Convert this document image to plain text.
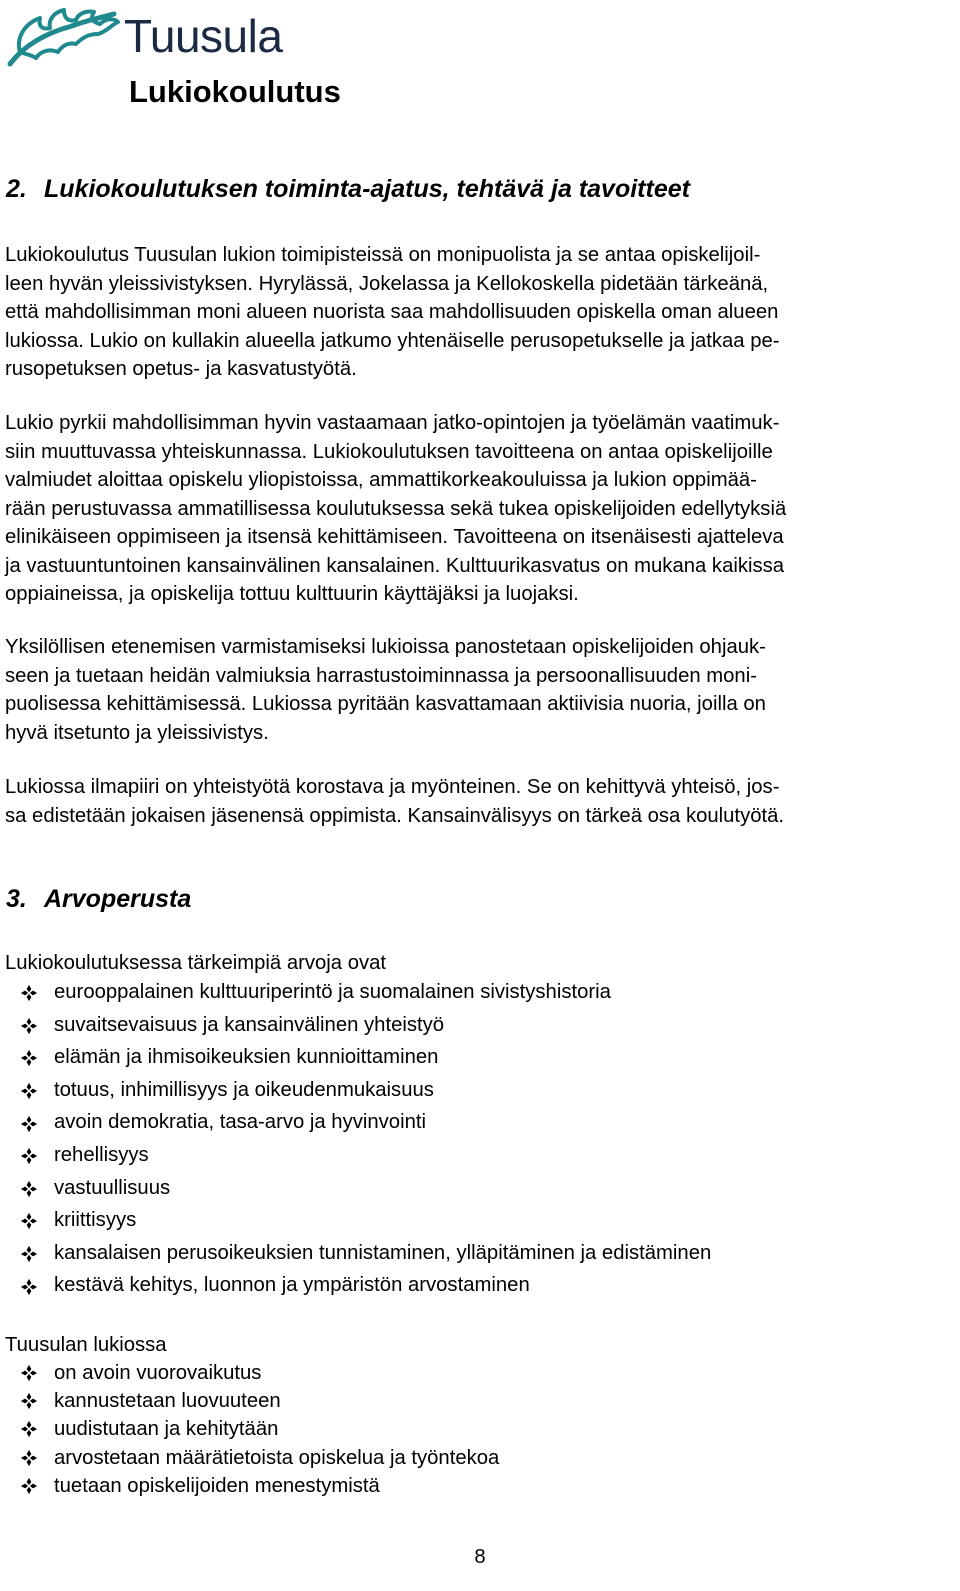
Tuusula
Lukiokoulutus
2. Lukiokoulutuksen toiminta-ajatus, tehtävä ja tavoitteet

Lukiokoulutus Tuusulan lukion toimipisteissä on monipuolista ja se antaa opiskelijoil-

leen hyvän yleissivistyksen. Hyrylässä, Jokelassa ja Kellokoskella pidetään tärkeänä,

että mahdollisimman moni alueen nuorista saa mahdollisuuden opiskella oman alueen

lukiossa. Lukio on kullakin alueella jatkumo yhtenäiselle perusopetukselle ja jatkaa pe-

rusopetuksen opetus- ja kasvatustyötä.

Lukio pyrkii mahdollisimman hyvin vastaamaan jatko-opintojen ja työelämän vaatimuk-

siin muuttuvassa yhteiskunnassa. Lukiokoulutuksen tavoitteena on antaa opiskelijoille

valmiudet aloittaa opiskelu yliopistoissa, ammattikorkeakouluissa ja lukion oppimää-

rään perustuvassa ammatillisessa koulutuksessa sekä tukea opiskelijoiden edellytyksiä

elinikäiseen oppimiseen ja itsensä kehittämiseen. Tavoitteena on itsenäisesti ajatteleva

ja vastuuntuntoinen kansainvälinen kansalainen. Kulttuurikasvatus on mukana kaikissa

oppiaineissa, ja opiskelija tottuu kulttuurin käyttäjäksi ja luojaksi.

Yksilöllisen etenemisen varmistamiseksi lukioissa panostetaan opiskelijoiden ohjauk-

seen ja tuetaan heidän valmiuksia harrastustoiminnassa ja persoonallisuuden moni-

puolisessa kehittämisessä. Lukiossa pyritään kasvattamaan aktiivisia nuoria, joilla on

hyvä itsetunto ja yleissivistys.

Lukiossa ilmapiiri on yhteistyötä korostava ja myönteinen. Se on kehittyvä yhteisö, jos-

sa edistetään jokaisen jäsenensä oppimista. Kansainvälisyys on tärkeä osa koulutyötä.

3. Arvoperusta

Lukiokoulutuksessa tärkeimpiä arvoja ovat

eurooppalainen kulttuuriperintö ja suomalainen sivistyshistoria
suvaitsevaisuus ja kansainvälinen yhteistyö
elämän ja ihmisoikeuksien kunnioittaminen
totuus, inhimillisyys ja oikeudenmukaisuus
avoin demokratia, tasa-arvo ja hyvinvointi
rehellisyys
vastuullisuus
kriittisyys
kansalaisen perusoikeuksien tunnistaminen, ylläpitäminen ja edistäminen
kestävä kehitys, luonnon ja ympäristön arvostaminen

Tuusulan lukiossa

on avoin vuorovaikutus
kannustetaan luovuuteen
uudistutaan ja kehitytään
arvostetaan määrätietoista opiskelua ja työntekoa
tuetaan opiskelijoiden menestymistä
8
